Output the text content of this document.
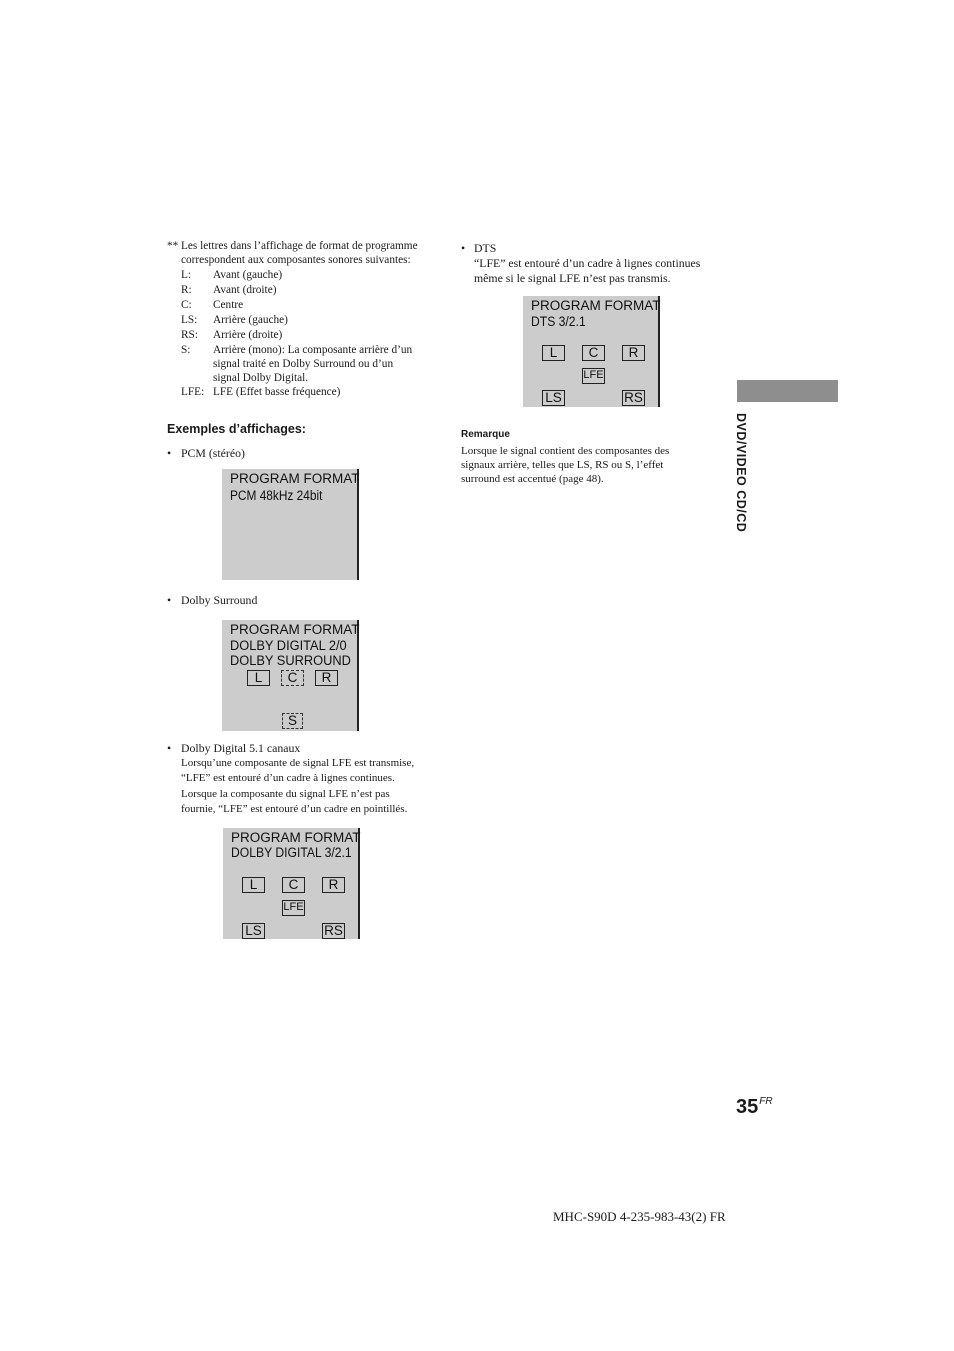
** Les lettres dans l’affichage de format de programme
correspondent aux composantes sonores suivantes:
L:	Avant (gauche)
R:	Avant (droite)
C:	Centre
LS:	Arrière (gauche)
RS:	Arrière (droite)
S:	Arrière (mono): La composante arrière d’un
signal traité en Dolby Surround ou d’un
signal Dolby Digital.
LFE: LFE (Effet basse fréquence)
Exemples d’affichages:
• PCM (stéréo)
PROGRAM FORMAT
PCM 48kHz 24bit
• Dolby Surround
PROGRAM FORMAT
DOLBY DIGITAL 2/0
DOLBY SURROUND
L	C	R
S
• Dolby Digital 5.1 canaux
Lorsqu’une composante de signal LFE est transmise,
“LFE” est entouré d’un cadre à lignes continues.
Lorsque la composante du signal LFE n’est pas
fournie, “LFE” est entouré d’un cadre en pointillés.
PROGRAM FORMAT
DOLBY DIGITAL 3/2.1
L	C	R
LFE
LS	RS
• DTS
“LFE” est entouré d’un cadre à lignes continues
même si le signal LFE n’est pas transmis.
PROGRAM FORMAT
DTS 3/2.1
L	C	R
LFE
LS	RS
Remarque
Lorsque le signal contient des composantes des
signaux arrière, telles que LS, RS ou S, l’effet
surround est accentué (page 48).	DVD/VIDEO CD/CD
$35^{FR}$
MHC-S90D 4-235-983-43(2) FR
